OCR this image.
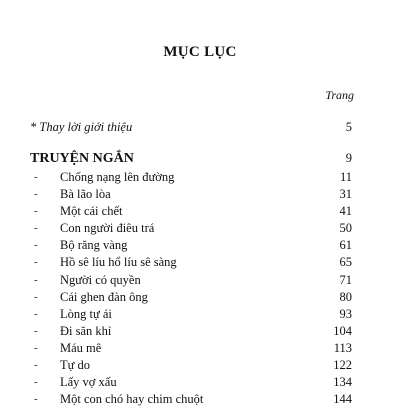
MỤC LỤC
Trang
* Thay lời giới thiệu	5
TRUYỆN NGẮN	9
-	Chống nạng lên đường	11
-	Bà lão lòa	31
-	Một cái chết	41
-	Con người điêu trá	50
-	Bộ răng vàng	61
-	Hồ sê líu hổ líu sê sàng	65
-	Người có quyền	71
-	Cái ghen đàn ông	80
-	Lòng tự ái	93
-	Đi săn khỉ	104
-	Máu mê	113
-	Tự do	122
-	Lấy vợ xấu	134
-	Một con chó hay chim chuột	144
